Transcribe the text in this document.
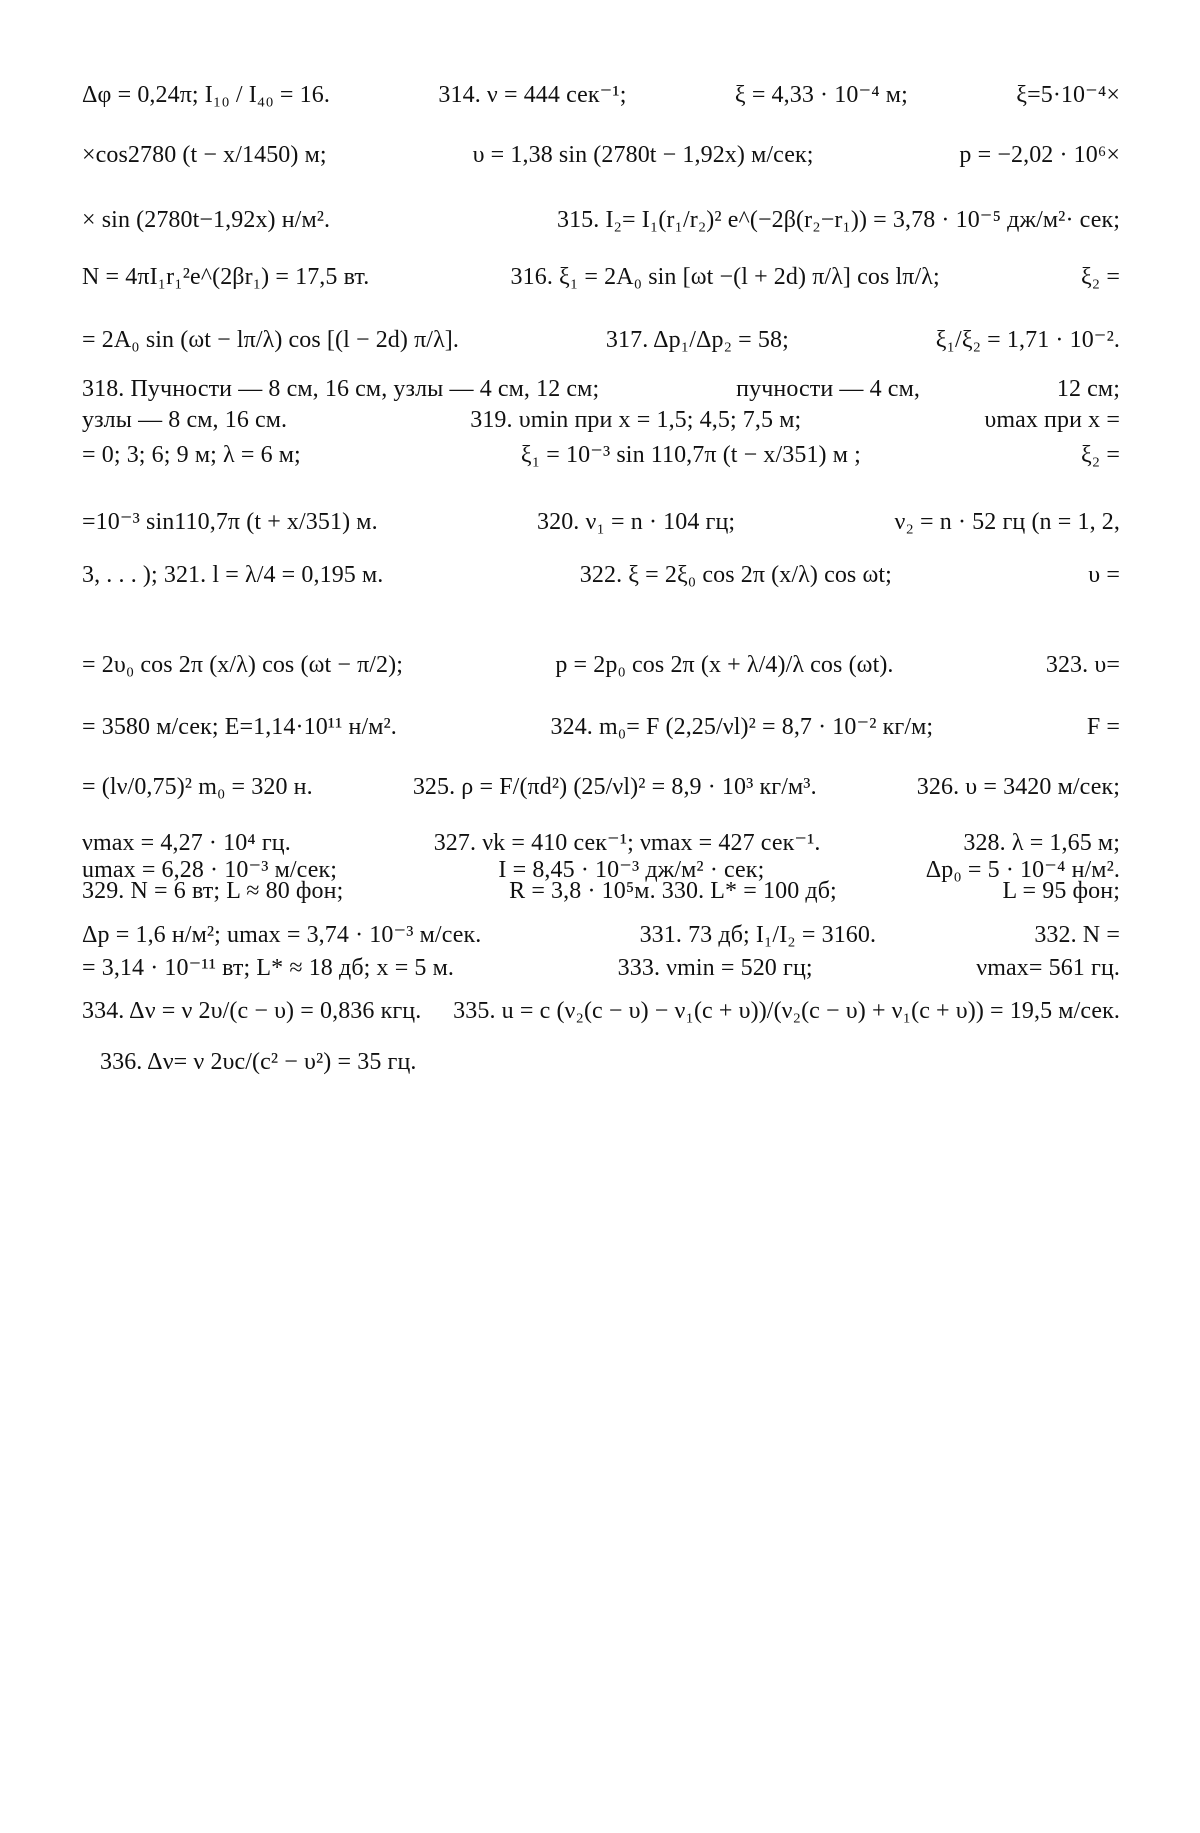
Δφ = 0,24π; I₁₀ / I₄₀ = 16.	314. ν = 444 сек⁻¹;	ξ = 4,33 · 10⁻⁴ м;	ξ=5·10⁻⁴×
×cos2780 (t − x/1450) м;	υ = 1,38 sin (2780t − 1,92x) м/сек;	p = −2,02 · 10⁶×
× sin (2780t−1,92x) н/м².	315. I₂= I₁(r₁/r₂)² e^(−2β(r₂−r₁)) = 3,78 · 10⁻⁵ дж/м²· сек;
N = 4πI₁r₁²e^(2βr₁) = 17,5 вт.	316. ξ₁ = 2A₀ sin [ωt −(l + 2d) π/λ] cos lπ/λ;	ξ₂ =
= 2A₀ sin (ωt − lπ/λ) cos [(l − 2d) π/λ].	317. Δp₁/Δp₂ = 58;	ξ₁/ξ₂ = 1,71 · 10⁻².
318. Пучности — 8 см, 16 см, узлы — 4 см, 12 см;	пучности — 4 см,	12 см;
узлы — 8 см, 16 см.	319. υmin при x = 1,5; 4,5; 7,5 м;	υmax при x =
= 0; 3; 6; 9 м; λ = 6 м;	ξ₁ = 10⁻³ sin 110,7π (t − x/351) м ;	ξ₂ =
=10⁻³ sin110,7π (t + x/351) м.	320. ν₁ = n · 104 гц;	ν₂ = n · 52 гц (n = 1, 2,
3, . . . ); 321. l = λ/4 = 0,195 м.	322. ξ = 2ξ₀ cos 2π (x/λ) cos ωt;	υ =
= 2υ₀ cos 2π (x/λ) cos (ωt − π/2);	p = 2p₀ cos 2π (x + λ/4)/λ cos (ωt).	323. υ=
= 3580 м/сек; E=1,14·10¹¹ н/м².	324. m₀= F (2,25/νl)² = 8,7 · 10⁻² кг/м;	F =
= (lν/0,75)² m₀ = 320 н.	325. ρ = F/(πd²) (25/νl)² = 8,9 · 10³ кг/м³.	326. υ = 3420 м/сек;
νmax = 4,27 · 10⁴ гц.	327. νk = 410 сек⁻¹; νmax = 427 сек⁻¹.	328. λ = 1,65 м;
umax = 6,28 · 10⁻³ м/сек;	I = 8,45 · 10⁻³ дж/м² · сек;	Δp₀ = 5 · 10⁻⁴ н/м².
329. N = 6 вт; L ≈ 80 фон;	R = 3,8 · 10⁵м. 330. L* = 100 дб;	L = 95 фон;
Δp = 1,6 н/м²; umax = 3,74 · 10⁻³ м/сек.	331. 73 дб; I₁/I₂ = 3160.	332. N =
= 3,14 · 10⁻¹¹ вт; L* ≈ 18 дб; x = 5 м.	333. νmin = 520 гц;	νmax= 561 гц.
334. Δν = ν 2υ/(c − υ) = 0,836 кгц. 335. u = c (ν₂(c − υ) − ν₁(c + υ))/(ν₂(c − υ) + ν₁(c + υ)) = 19,5 м/сек.
336. Δν= ν 2υc/(c² − υ²) = 35 гц.
